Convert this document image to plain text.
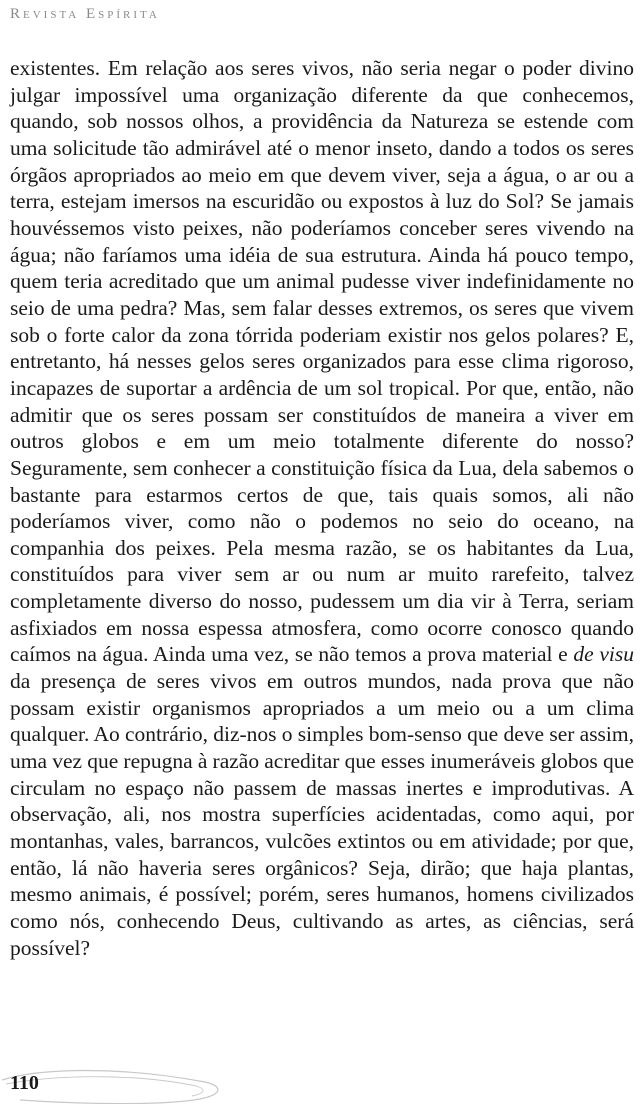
Revista Espírita

existentes. Em relação aos seres vivos, não seria negar o poder divino julgar impossível uma organização diferente da que conhecemos, quando, sob nossos olhos, a providência da Natureza se estende com uma solicitude tão admirável até o menor inseto, dando a todos os seres órgãos apropriados ao meio em que devem viver, seja a água, o ar ou a terra, estejam imersos na escuridão ou expostos à luz do Sol? Se jamais houvéssemos visto peixes, não poderíamos conceber seres vivendo na água; não faríamos uma idéia de sua estrutura. Ainda há pouco tempo, quem teria acreditado que um animal pudesse viver indefinidamente no seio de uma pedra? Mas, sem falar desses extremos, os seres que vivem sob o forte calor da zona tórrida poderiam existir nos gelos polares? E, entretanto, há nesses gelos seres organizados para esse clima rigoroso, incapazes de suportar a ardência de um sol tropical. Por que, então, não admitir que os seres possam ser constituídos de maneira a viver em outros globos e em um meio totalmente diferente do nosso? Seguramente, sem conhecer a constituição física da Lua, dela sabemos o bastante para estarmos certos de que, tais quais somos, ali não poderíamos viver, como não o podemos no seio do oceano, na companhia dos peixes. Pela mesma razão, se os habitantes da Lua, constituídos para viver sem ar ou num ar muito rarefeito, talvez completamente diverso do nosso, pudessem um dia vir à Terra, seriam asfixiados em nossa espessa atmosfera, como ocorre conosco quando caímos na água. Ainda uma vez, se não temos a prova material e de visu da presença de seres vivos em outros mundos, nada prova que não possam existir organismos apropriados a um meio ou a um clima qualquer. Ao contrário, diz-nos o simples bom-senso que deve ser assim, uma vez que repugna à razão acreditar que esses inumeráveis globos que circulam no espaço não passem de massas inertes e improdutivas. A observação, ali, nos mostra superfícies acidentadas, como aqui, por montanhas, vales, barrancos, vulcões extintos ou em atividade; por que, então, lá não haveria seres orgânicos? Seja, dirão; que haja plantas, mesmo animais, é possível; porém, seres humanos, homens civilizados como nós, conhecendo Deus, cultivando as artes, as ciências, será possível?

110
